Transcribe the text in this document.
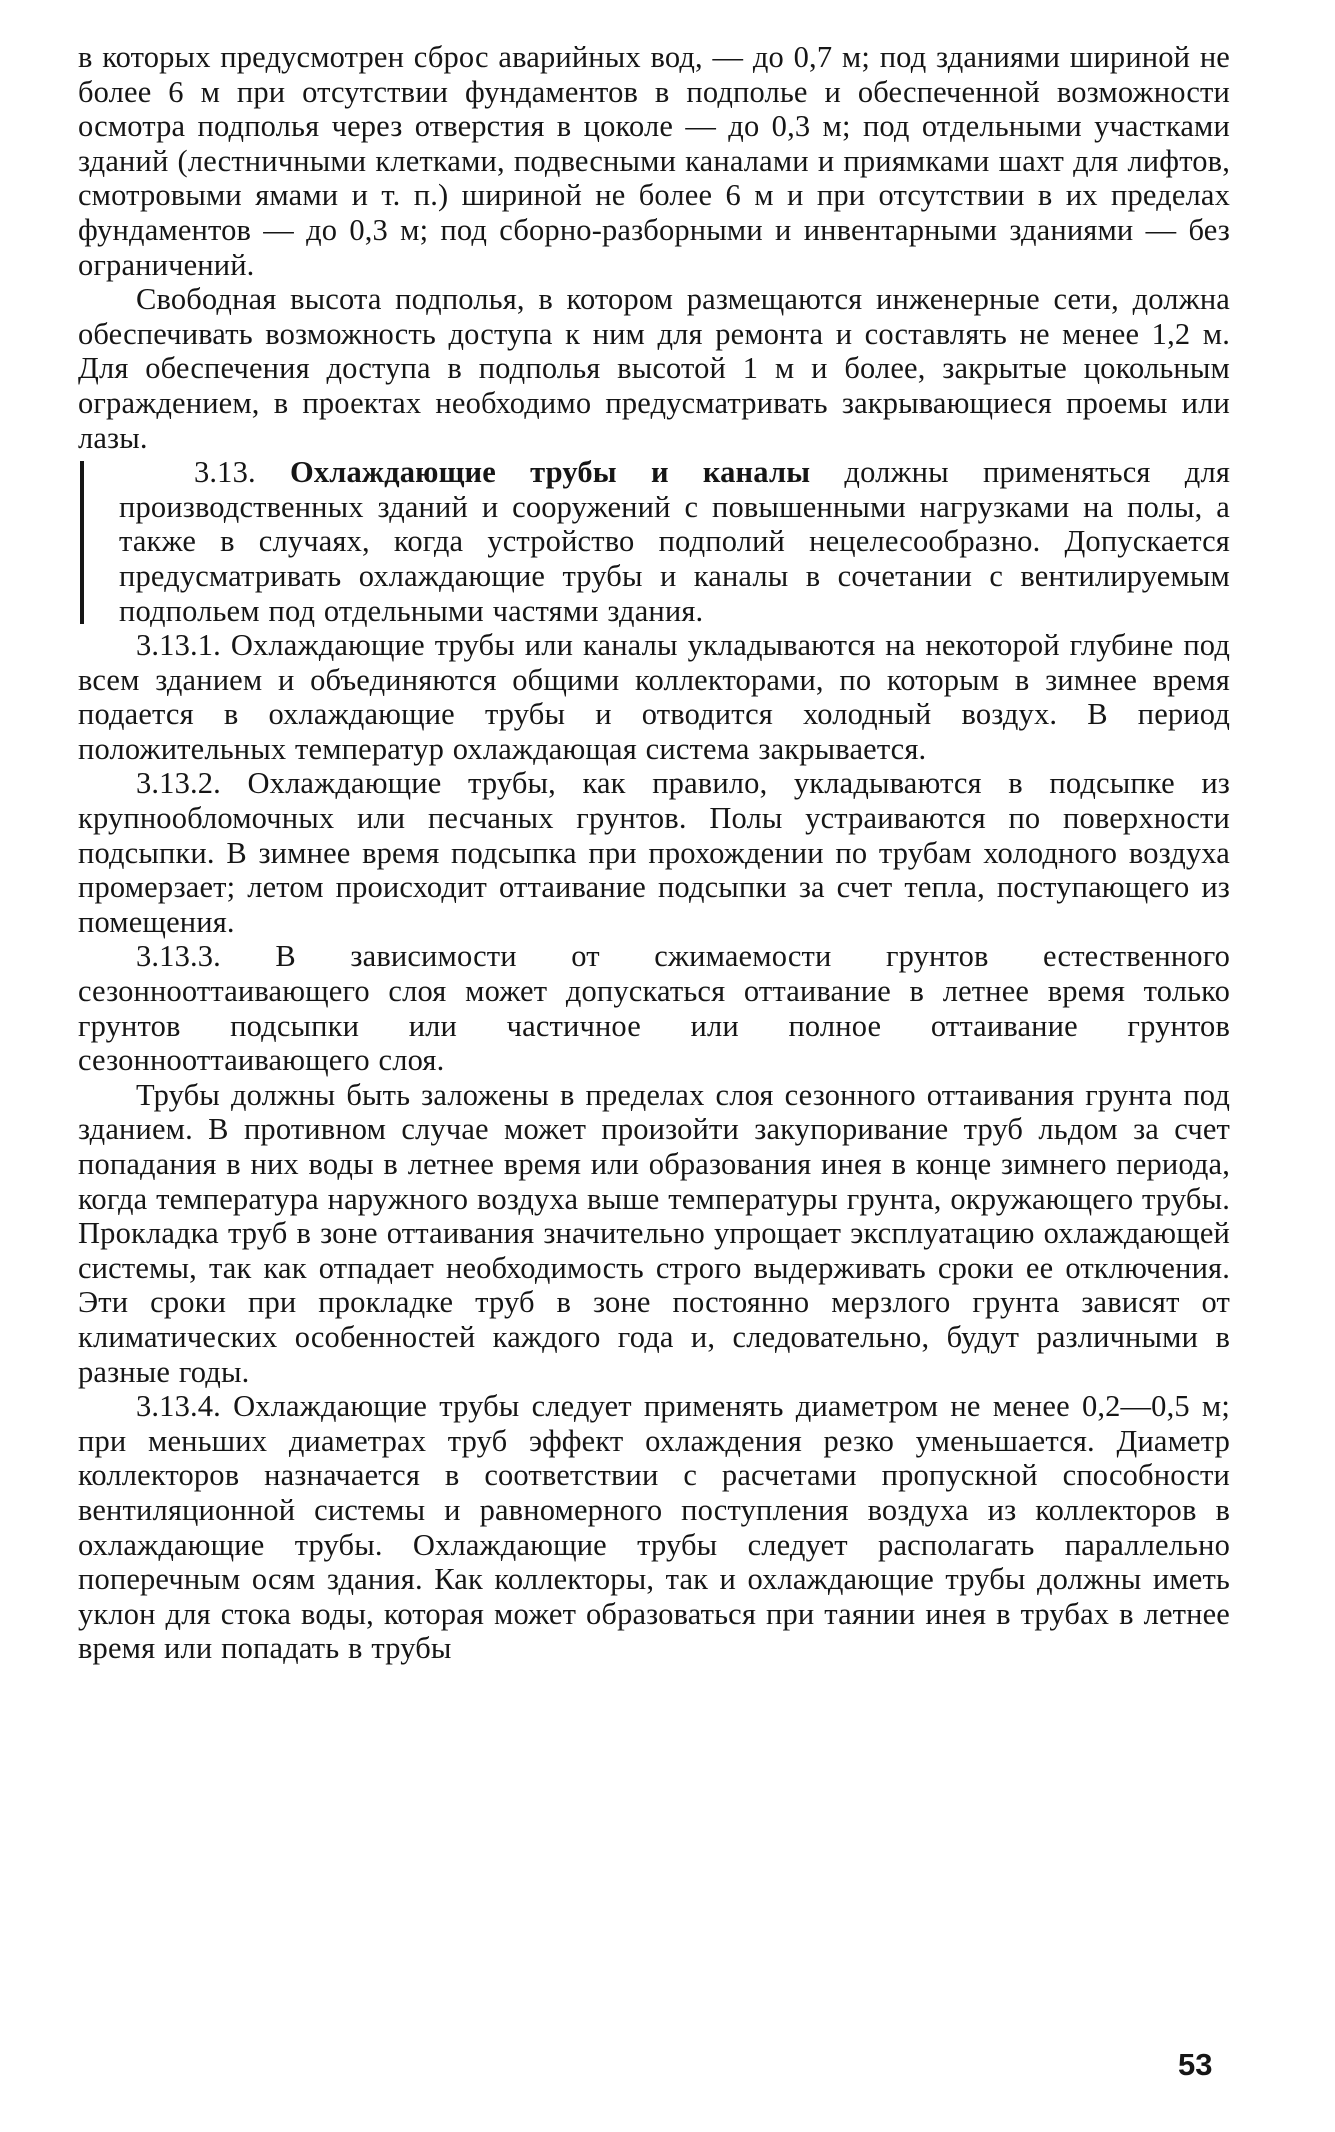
в которых предусмотрен сброс аварийных вод, — до 0,7 м; под зданиями шириной не более 6 м при отсутствии фундаментов в подполье и обеспеченной возможности осмотра подполья через отверстия в цоколе — до 0,3 м; под отдельными участками зданий (лестничными клетками, подвесными каналами и приямками шахт для лифтов, смотровыми ямами и т. п.) шириной не более 6 м и при отсутствии в их пределах фундаментов — до 0,3 м; под сборно-разборными и инвентарными зданиями — без ограничений.

Свободная высота подполья, в котором размещаются инженерные сети, должна обеспечивать возможность доступа к ним для ремонта и составлять не менее 1,2 м. Для обеспечения доступа в подполья высотой 1 м и более, закрытые цокольным ограждением, в проектах необходимо предусматривать закрывающиеся проемы или лазы.

3.13. Охлаждающие трубы и каналы должны применяться для производственных зданий и сооружений с повышенными нагрузками на полы, а также в случаях, когда устройство подполий нецелесообразно. Допускается предусматривать охлаждающие трубы и каналы в сочетании с вентилируемым подпольем под отдельными частями здания.

3.13.1. Охлаждающие трубы или каналы укладываются на некоторой глубине под всем зданием и объединяются общими коллекторами, по которым в зимнее время подается в охлаждающие трубы и отводится холодный воздух. В период положительных температур охлаждающая система закрывается.

3.13.2. Охлаждающие трубы, как правило, укладываются в подсыпке из крупнообломочных или песчаных грунтов. Полы устраиваются по поверхности подсыпки. В зимнее время подсыпка при прохождении по трубам холодного воздуха промерзает; летом происходит оттаивание подсыпки за счет тепла, поступающего из помещения.

3.13.3. В зависимости от сжимаемости грунтов естественного сезоннооттаивающего слоя может допускаться оттаивание в летнее время только грунтов подсыпки или частичное или полное оттаивание грунтов сезоннооттаивающего слоя.

Трубы должны быть заложены в пределах слоя сезонного оттаивания грунта под зданием. В противном случае может произойти закупоривание труб льдом за счет попадания в них воды в летнее время или образования инея в конце зимнего периода, когда температура наружного воздуха выше температуры грунта, окружающего трубы. Прокладка труб в зоне оттаивания значительно упрощает эксплуатацию охлаждающей системы, так как отпадает необходимость строго выдерживать сроки ее отключения. Эти сроки при прокладке труб в зоне постоянно мерзлого грунта зависят от климатических особенностей каждого года и, следовательно, будут различными в разные годы.

3.13.4. Охлаждающие трубы следует применять диаметром не менее 0,2—0,5 м; при меньших диаметрах труб эффект охлаждения резко уменьшается. Диаметр коллекторов назначается в соответствии с расчетами пропускной способности вентиляционной системы и равномерного поступления воздуха из коллекторов в охлаждающие трубы. Охлаждающие трубы следует располагать параллельно поперечным осям здания. Как коллекторы, так и охлаждающие трубы должны иметь уклон для стока воды, которая может образоваться при таянии инея в трубах в летнее время или попадать в трубы

53
